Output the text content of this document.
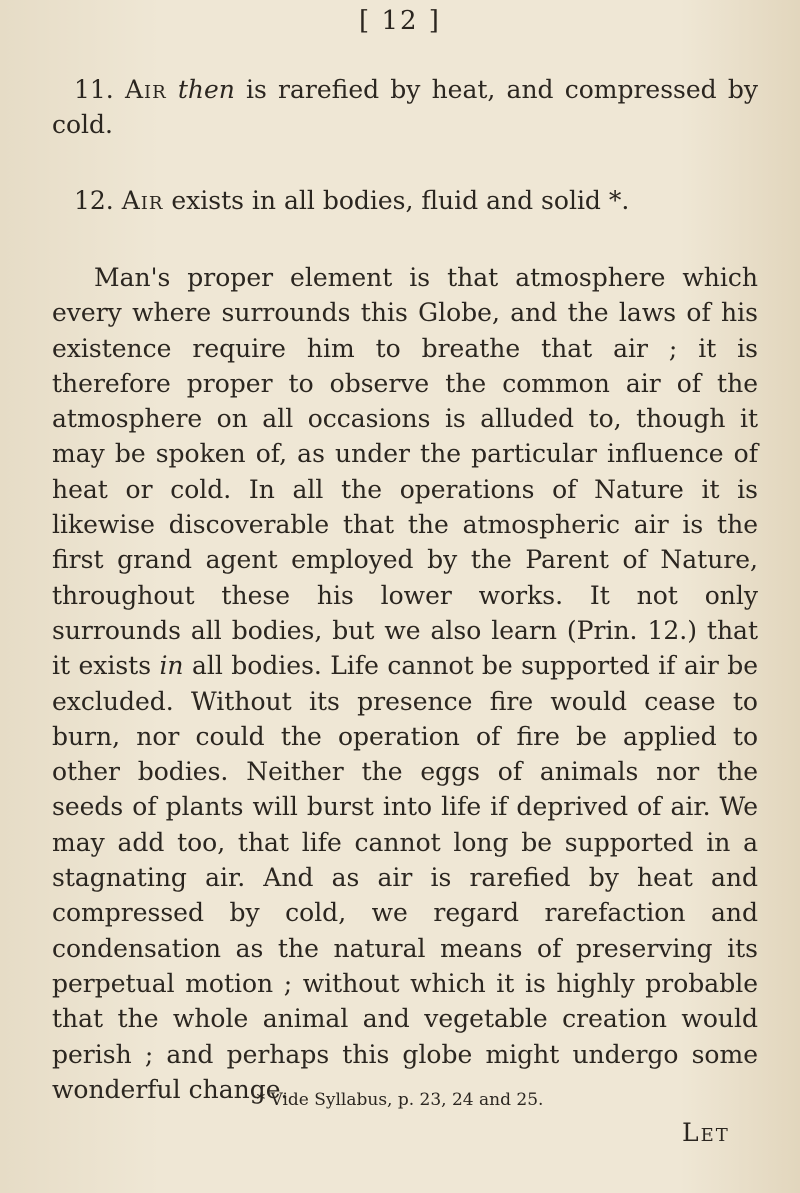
[ 12 ]

11. Air then is rarefied by heat, and compressed by cold.

12. Air exists in all bodies, fluid and solid *.

Man's proper element is that atmosphere which every where surrounds this Globe, and the laws of his existence require him to breathe that air ; it is therefore proper to observe the common air of the atmosphere on all occasions is alluded to, though it may be spoken of, as under the particular influence of heat or cold. In all the operations of Nature it is likewise discoverable that the atmospheric air is the first grand agent employed by the Parent of Nature, throughout these his lower works. It not only surrounds all bodies, but we also learn (Prin. 12.) that it exists in all bodies. Life cannot be supported if air be excluded. Without its presence fire would cease to burn, nor could the operation of fire be applied to other bodies. Neither the eggs of animals nor the seeds of plants will burst into life if deprived of air. We may add too, that life cannot long be supported in a stagnating air. And as air is rarefied by heat and compressed by cold, we regard rarefaction and condensation as the natural means of preserving its perpetual motion ; without which it is highly probable that the whole animal and vegetable creation would perish ; and perhaps this globe might undergo some wonderful change.

* Vide Syllabus, p. 23, 24 and 25.
Let
